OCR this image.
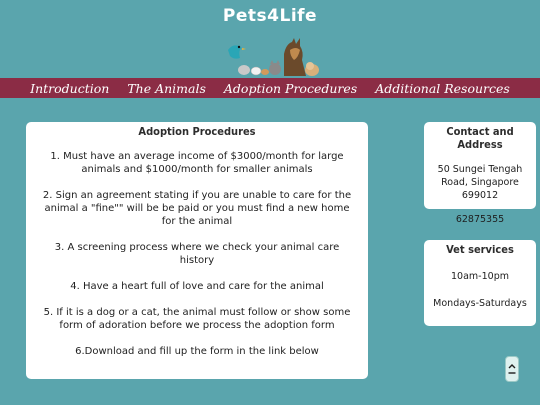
Pets4Life
Introduction The Animals Adoption Procedures Additional Resources
Adoption Procedures
1. Must have an average income of $3000/month for large animals and $1000/month for smaller animals
2. Sign an agreement stating if you are unable to care for the animal a "fine"" will be be paid or you must find a new home for the animal
3. A screening process where we check your animal care history
4. Have a heart full of love and care for the animal
5. If it is a dog or a cat, the animal must follow or show some form of adoration before we process the adoption form
6.Download and fill up the form in the link below
Contact and Address

50 Sungei Tengah Road, Singapore 699012

62875355

Vet services

10am-10pm

Mondays-Saturdays
